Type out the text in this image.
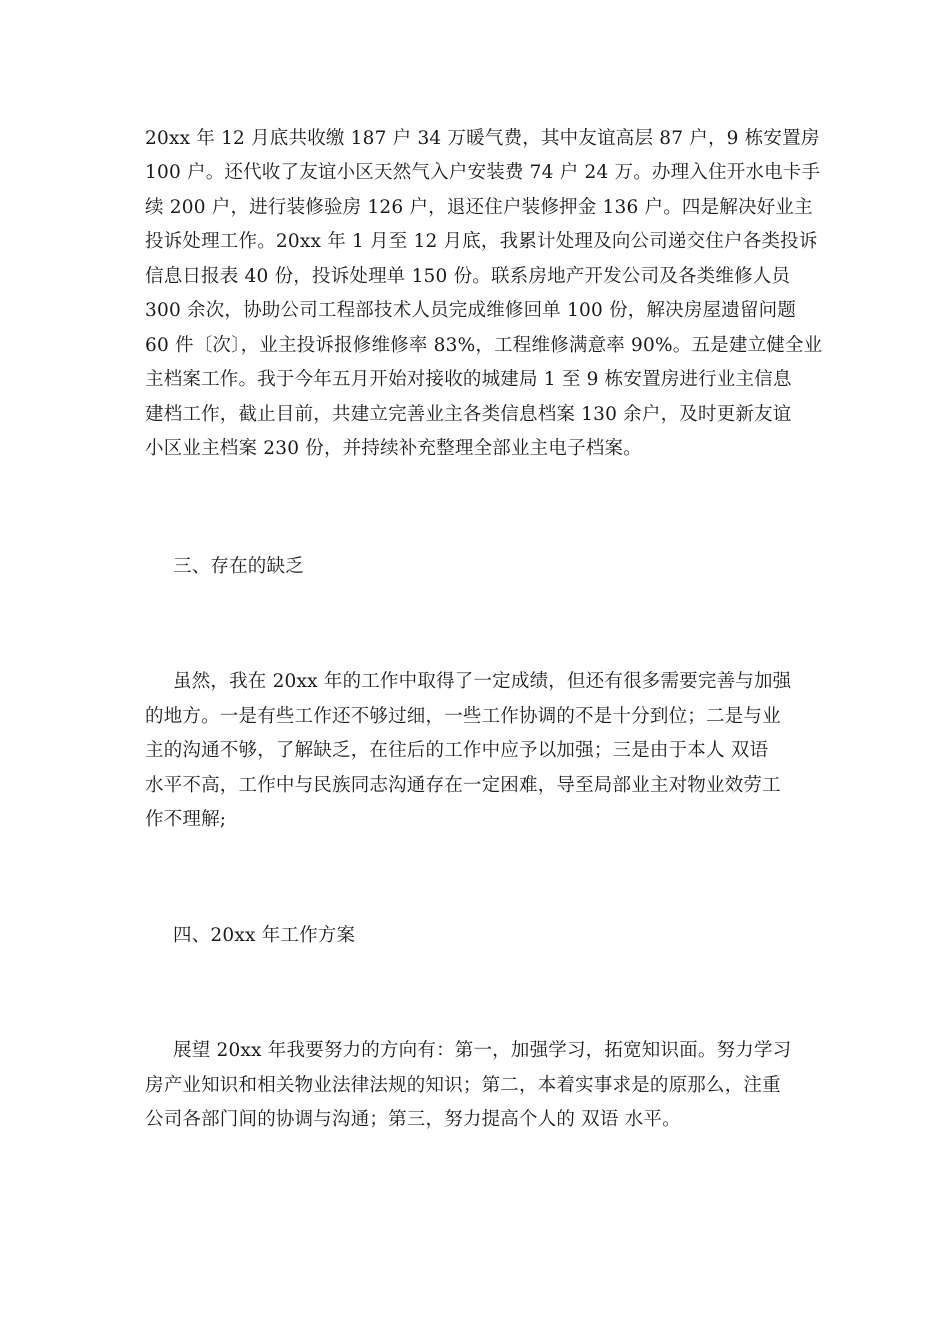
20xx 年 12 月底共收缴 187 户 34 万暖气费，其中友谊高层 87 户，9 栋安置房

100 户。还代收了友谊小区天然气入户安装费 74 户 24 万。办理入住开水电卡手

续 200 户，进行装修验房 126 户，退还住户装修押金 136 户。四是解决好业主

投诉处理工作。20xx 年 1 月至 12 月底，我累计处理及向公司递交住户各类投诉

信息日报表 40 份，投诉处理单 150 份。联系房地产开发公司及各类维修人员

300 余次，协助公司工程部技术人员完成维修回单 100 份，解决房屋遗留问题

60 件〔次〕，业主投诉报修维修率 83%，工程维修满意率 90%。五是建立健全业

主档案工作。我于今年五月开始对接收的城建局 1 至 9 栋安置房进行业主信息

建档工作，截止目前，共建立完善业主各类信息档案 130 余户，及时更新友谊

小区业主档案 230 份，并持续补充整理全部业主电子档案。

三、存在的缺乏

虽然，我在 20xx 年的工作中取得了一定成绩，但还有很多需要完善与加强

的地方。一是有些工作还不够过细，一些工作协调的不是十分到位；二是与业

主的沟通不够，了解缺乏，在往后的工作中应予以加强；三是由于本人 双语

水平不高，工作中与民族同志沟通存在一定困难，导至局部业主对物业效劳工

作不理解;

四、20xx 年工作方案

展望 20xx 年我要努力的方向有：第一，加强学习，拓宽知识面。努力学习

房产业知识和相关物业法律法规的知识；第二，本着实事求是的原那么，注重

公司各部门间的协调与沟通；第三，努力提高个人的 双语 水平。
